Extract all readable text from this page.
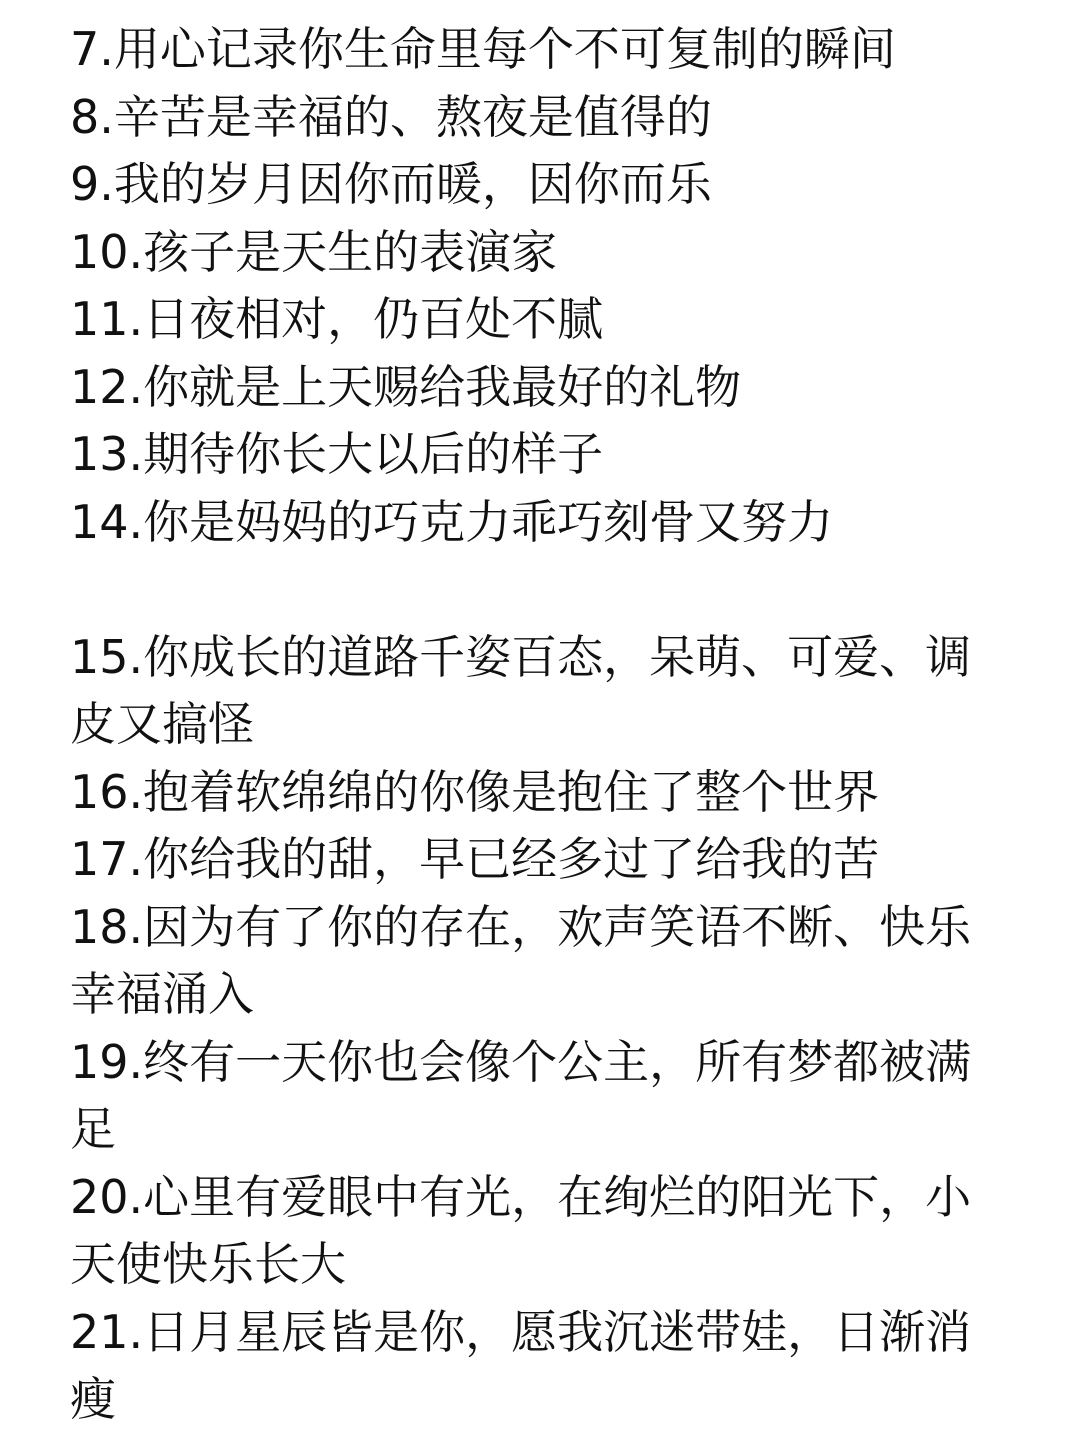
7.用心记录你生命里每个不可复制的瞬间
8.辛苦是幸福的、熬夜是值得的
9.我的岁月因你而暖，因你而乐
10.孩子是天生的表演家
11.日夜相对，仍百处不腻
12.你就是上天赐给我最好的礼物
13.期待你长大以后的样子
14.你是妈妈的巧克力乖巧刻骨又努力
15.你成长的道路千姿百态，呆萌、可爱、调
皮又搞怪
16.抱着软绵绵的你像是抱住了整个世界
17.你给我的甜，早已经多过了给我的苦
18.因为有了你的存在，欢声笑语不断、快乐
幸福涌入
19.终有一天你也会像个公主，所有梦都被满
足
20.心里有爱眼中有光，在绚烂的阳光下，小
天使快乐长大
21.日月星辰皆是你，愿我沉迷带娃，日渐消
瘦
